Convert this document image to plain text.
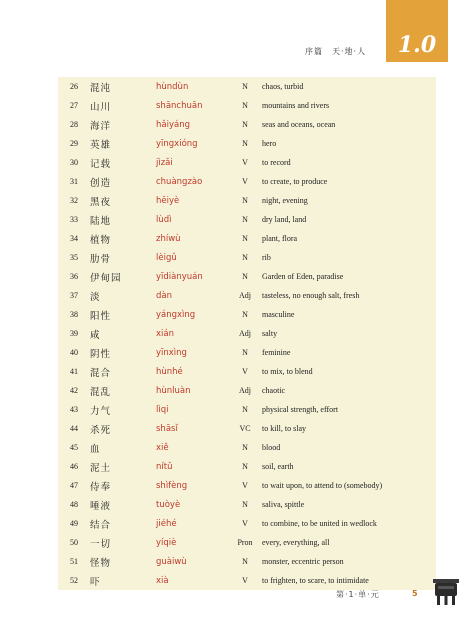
序篇　天·地·人 1.0
26	混沌	hùndùn	N	chaos, turbid
27	山川	shānchuān	N	mountains and rivers
28	海洋	hǎiyáng	N	seas and oceans, ocean
29	英雄	yīngxióng	N	hero
30	记载	jìzǎi	V	to record
31	创造	chuàngzào	V	to create, to produce
32	黑夜	hēiyè	N	night, evening
33	陆地	lùdì	N	dry land, land
34	植物	zhíwù	N	plant, flora
35	肋骨	lèigǔ	N	rib
36	伊甸园	yīdiànyuán	N	Garden of Eden, paradise
37	淡	dàn	Adj	tasteless, no enough salt, fresh
38	阳性	yángxìng	N	masculine
39	咸	xián	Adj	salty
40	阴性	yīnxìng	N	feminine
41	混合	hùnhé	V	to mix, to blend
42	混乱	hùnluàn	Adj	chaotic
43	力气	lìqi	N	physical strength, effort
44	杀死	shāsǐ	VC	to kill, to slay
45	血	xiě	N	blood
46	泥土	nítǔ	N	soil, earth
47	侍奉	shìfèng	V	to wait upon, to attend to (somebody)
48	唾液	tuòyè	N	saliva, spittle
49	结合	jiéhé	V	to combine, to be united in wedlock
50	一切	yíqiè	Pron	every, everything, all
51	怪物	guàiwù	N	monster, eccentric person
52	吓	xià	V	to frighten, to scare, to intimidate
第·1·单·元	5
